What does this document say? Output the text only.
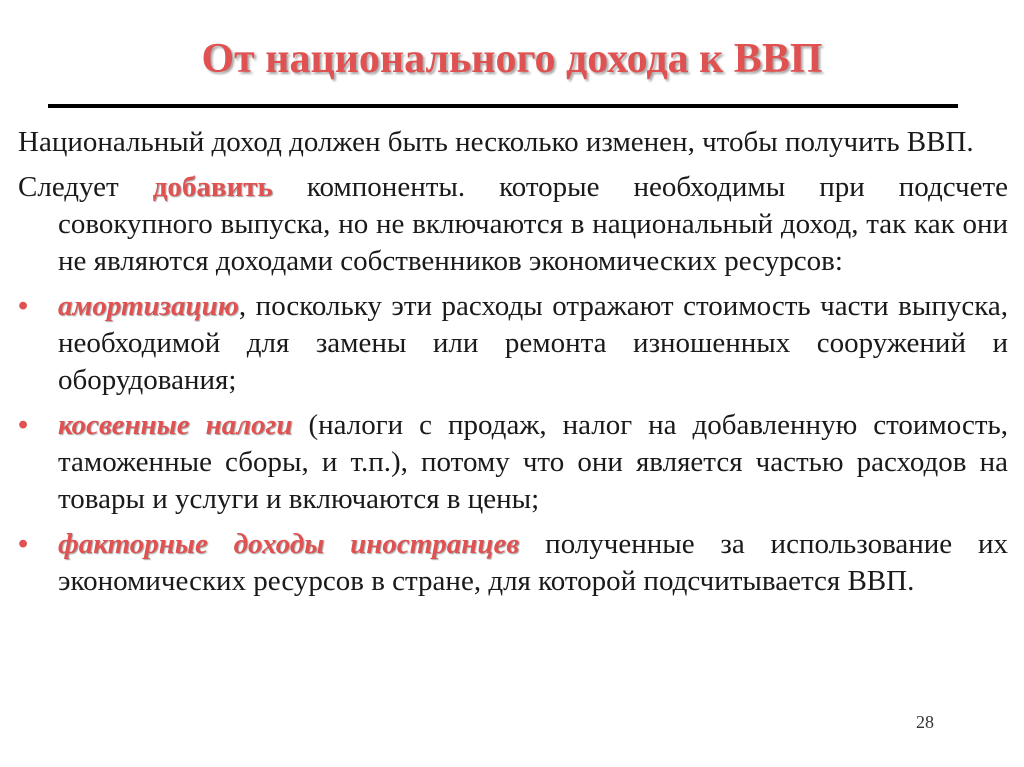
От национального дохода к ВВП

Национальный доход должен быть несколько изменен, чтобы получить ВВП.

Следует добавить компоненты. которые необходимы при подсчете совокупного выпуска, но не включаются в национальный доход, так как они не являются доходами собственников экономических ресурсов:

•	амортизацию, поскольку эти расходы отражают стоимость части выпуска, необходимой для замены или ремонта изношенных сооружений и оборудования;
•	косвенные налоги (налоги с продаж, налог на добавленную стоимость, таможенные сборы, и т.п.), потому что они является частью расходов на товары и услуги и включаются в цены;
•	факторные доходы иностранцев полученные за использование их экономических ресурсов в стране, для которой подсчитывается ВВП.
28
